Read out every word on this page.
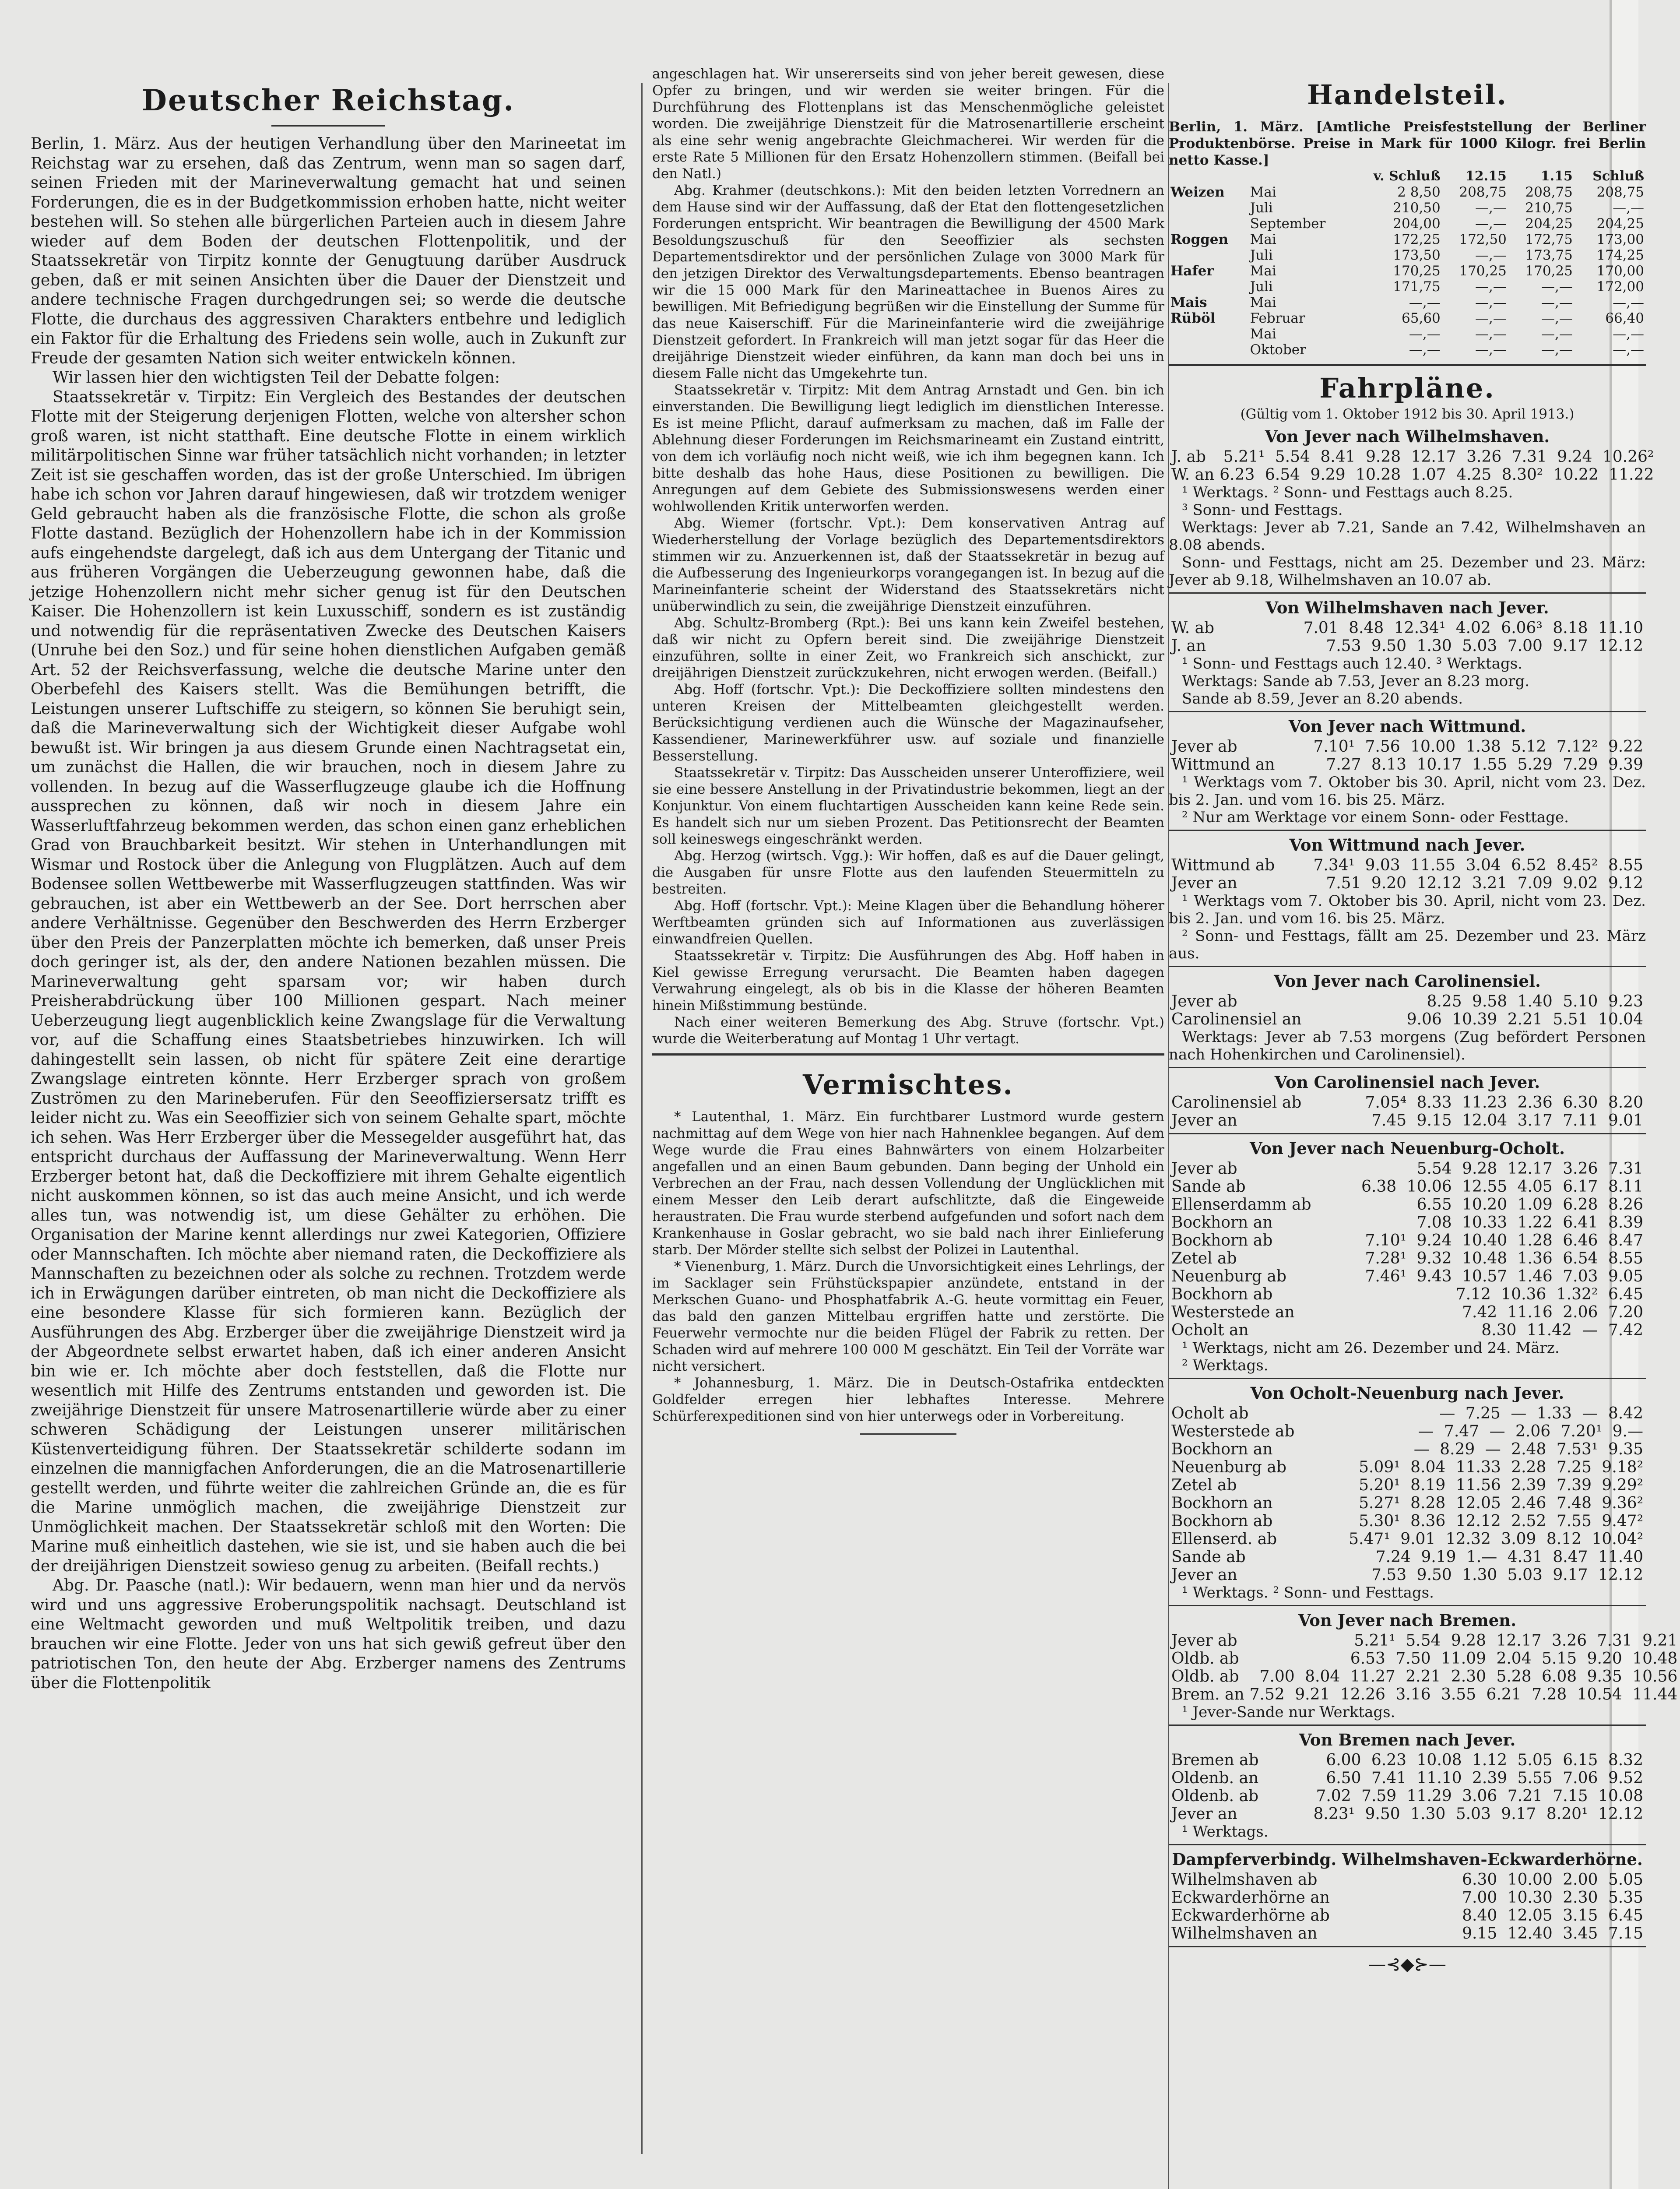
Deutscher Reichstag.

Berlin, 1. März. Aus der heutigen Verhandlung über den Marineetat im Reichstag war zu ersehen, daß das Zentrum, wenn man so sagen darf, seinen Frieden mit der Marineverwaltung gemacht hat und seinen Forderungen, die es in der Budgetkommission erhoben hatte, nicht weiter bestehen will. So stehen alle bürgerlichen Parteien auch in diesem Jahre wieder auf dem Boden der deutschen Flottenpolitik, und der Staatssekretär von Tirpitz konnte der Genugtuung darüber Ausdruck geben, daß er mit seinen Ansichten über die Dauer der Dienstzeit und andere technische Fragen durchgedrungen sei; so werde die deutsche Flotte, die durchaus des aggressiven Charakters entbehre und lediglich ein Faktor für die Erhaltung des Friedens sein wolle, auch in Zukunft zur Freude der gesamten Nation sich weiter entwickeln können.

Wir lassen hier den wichtigsten Teil der Debatte folgen:

Staatssekretär v. Tirpitz: Ein Vergleich des Bestandes der deutschen Flotte mit der Steigerung derjenigen Flotten, welche von altersher schon groß waren, ist nicht statthaft. Eine deutsche Flotte in einem wirklich militärpolitischen Sinne war früher tatsächlich nicht vorhanden; in letzter Zeit ist sie geschaffen worden, das ist der große Unterschied. Im übrigen habe ich schon vor Jahren darauf hingewiesen, daß wir trotzdem weniger Geld gebraucht haben als die französische Flotte, die schon als große Flotte dastand. Bezüglich der Hohenzollern habe ich in der Kommission aufs eingehendste dargelegt, daß ich aus dem Untergang der Titanic und aus früheren Vorgängen die Ueberzeugung gewonnen habe, daß die jetzige Hohenzollern nicht mehr sicher genug ist für den Deutschen Kaiser. Die Hohenzollern ist kein Luxusschiff, sondern es ist zuständig und notwendig für die repräsentativen Zwecke des Deutschen Kaisers (Unruhe bei den Soz.) und für seine hohen dienstlichen Aufgaben gemäß Art. 52 der Reichsverfassung, welche die deutsche Marine unter den Oberbefehl des Kaisers stellt. Was die Bemühungen betrifft, die Leistungen unserer Luftschiffe zu steigern, so können Sie beruhigt sein, daß die Marineverwaltung sich der Wichtigkeit dieser Aufgabe wohl bewußt ist. Wir bringen ja aus diesem Grunde einen Nachtragsetat ein, um zunächst die Hallen, die wir brauchen, noch in diesem Jahre zu vollenden. In bezug auf die Wasserflugzeuge glaube ich die Hoffnung aussprechen zu können, daß wir noch in diesem Jahre ein Wasserluftfahrzeug bekommen werden, das schon einen ganz erheblichen Grad von Brauchbarkeit besitzt. Wir stehen in Unterhandlungen mit Wismar und Rostock über die Anlegung von Flugplätzen. Auch auf dem Bodensee sollen Wettbewerbe mit Wasserflugzeugen stattfinden. Was wir gebrauchen, ist aber ein Wettbewerb an der See. Dort herrschen aber andere Verhältnisse. Gegenüber den Beschwerden des Herrn Erzberger über den Preis der Panzerplatten möchte ich bemerken, daß unser Preis doch geringer ist, als der, den andere Nationen bezahlen müssen. Die Marineverwaltung geht sparsam vor; wir haben durch Preisherabdrückung über 100 Millionen gespart. Nach meiner Ueberzeugung liegt augenblicklich keine Zwangslage für die Verwaltung vor, auf die Schaffung eines Staatsbetriebes hinzuwirken. Ich will dahingestellt sein lassen, ob nicht für spätere Zeit eine derartige Zwangslage eintreten könnte. Herr Erzberger sprach von großem Zuströmen zu den Marineberufen. Für den Seeoffiziersersatz trifft es leider nicht zu. Was ein Seeoffizier sich von seinem Gehalte spart, möchte ich sehen. Was Herr Erzberger über die Messegelder ausgeführt hat, das entspricht durchaus der Auffassung der Marineverwaltung. Wenn Herr Erzberger betont hat, daß die Deckoffiziere mit ihrem Gehalte eigentlich nicht auskommen können, so ist das auch meine Ansicht, und ich werde alles tun, was notwendig ist, um diese Gehälter zu erhöhen. Die Organisation der Marine kennt allerdings nur zwei Kategorien, Offiziere oder Mannschaften. Ich möchte aber niemand raten, die Deckoffiziere als Mannschaften zu bezeichnen oder als solche zu rechnen. Trotzdem werde ich in Erwägungen darüber eintreten, ob man nicht die Deckoffiziere als eine besondere Klasse für sich formieren kann. Bezüglich der Ausführungen des Abg. Erzberger über die zweijährige Dienstzeit wird ja der Abgeordnete selbst erwartet haben, daß ich einer anderen Ansicht bin wie er. Ich möchte aber doch feststellen, daß die Flotte nur wesentlich mit Hilfe des Zentrums entstanden und geworden ist. Die zweijährige Dienstzeit für unsere Matrosenartillerie würde aber zu einer schweren Schädigung der Leistungen unserer militärischen Küstenverteidigung führen. Der Staatssekretär schilderte sodann im einzelnen die mannigfachen Anforderungen, die an die Matrosenartillerie gestellt werden, und führte weiter die zahlreichen Gründe an, die es für die Marine unmöglich machen, die zweijährige Dienstzeit zur Unmöglichkeit machen. Der Staatssekretär schloß mit den Worten: Die Marine muß einheitlich dastehen, wie sie ist, und sie haben auch die bei der dreijährigen Dienstzeit sowieso genug zu arbeiten. (Beifall rechts.)

Abg. Dr. Paasche (natl.): Wir bedauern, wenn man hier und da nervös wird und uns aggressive Eroberungspolitik nachsagt. Deutschland ist eine Weltmacht geworden und muß Weltpolitik treiben, und dazu brauchen wir eine Flotte. Jeder von uns hat sich gewiß gefreut über den patriotischen Ton, den heute der Abg. Erzberger namens des Zentrums über die Flottenpolitik

angeschlagen hat. Wir unsererseits sind von jeher bereit gewesen, diese Opfer zu bringen, und wir werden sie weiter bringen. Für die Durchführung des Flottenplans ist das Menschenmögliche geleistet worden. Die zweijährige Dienstzeit für die Matrosenartillerie erscheint als eine sehr wenig angebrachte Gleichmacherei. Wir werden für die erste Rate 5 Millionen für den Ersatz Hohenzollern stimmen. (Beifall bei den Natl.)

Abg. Krahmer (deutschkons.): Mit den beiden letzten Vorrednern an dem Hause sind wir der Auffassung, daß der Etat den flottengesetzlichen Forderungen entspricht. Wir beantragen die Bewilligung der 4500 Mark Besoldungszuschuß für den Seeoffizier als sechsten Departementsdirektor und der persönlichen Zulage von 3000 Mark für den jetzigen Direktor des Verwaltungsdepartements. Ebenso beantragen wir die 15 000 Mark für den Marineattachee in Buenos Aires zu bewilligen. Mit Befriedigung begrüßen wir die Einstellung der Summe für das neue Kaiserschiff. Für die Marineinfanterie wird die zweijährige Dienstzeit gefordert. In Frankreich will man jetzt sogar für das Heer die dreijährige Dienstzeit wieder einführen, da kann man doch bei uns in diesem Falle nicht das Umgekehrte tun.

Staatssekretär v. Tirpitz: Mit dem Antrag Arnstadt und Gen. bin ich einverstanden. Die Bewilligung liegt lediglich im dienstlichen Interesse. Es ist meine Pflicht, darauf aufmerksam zu machen, daß im Falle der Ablehnung dieser Forderungen im Reichsmarineamt ein Zustand eintritt, von dem ich vorläufig noch nicht weiß, wie ich ihm begegnen kann. Ich bitte deshalb das hohe Haus, diese Positionen zu bewilligen. Die Anregungen auf dem Gebiete des Submissionswesens werden einer wohlwollenden Kritik unterworfen werden.

Abg. Wiemer (fortschr. Vpt.): Dem konservativen Antrag auf Wiederherstellung der Vorlage bezüglich des Departementsdirektors stimmen wir zu. Anzuerkennen ist, daß der Staatssekretär in bezug auf die Aufbesserung des Ingenieurkorps vorangegangen ist. In bezug auf die Marineinfanterie scheint der Widerstand des Staatssekretärs nicht unüberwindlich zu sein, die zweijährige Dienstzeit einzuführen.

Abg. Schultz-Bromberg (Rpt.): Bei uns kann kein Zweifel bestehen, daß wir nicht zu Opfern bereit sind. Die zweijährige Dienstzeit einzuführen, sollte in einer Zeit, wo Frankreich sich anschickt, zur dreijährigen Dienstzeit zurückzukehren, nicht erwogen werden. (Beifall.)

Abg. Hoff (fortschr. Vpt.): Die Deckoffiziere sollten mindestens den unteren Kreisen der Mittelbeamten gleichgestellt werden. Berücksichtigung verdienen auch die Wünsche der Magazinaufseher, Kassendiener, Marinewerkführer usw. auf soziale und finanzielle Besserstellung.

Staatssekretär v. Tirpitz: Das Ausscheiden unserer Unteroffiziere, weil sie eine bessere Anstellung in der Privatindustrie bekommen, liegt an der Konjunktur. Von einem fluchtartigen Ausscheiden kann keine Rede sein. Es handelt sich nur um sieben Prozent. Das Petitionsrecht der Beamten soll keineswegs eingeschränkt werden.

Abg. Herzog (wirtsch. Vgg.): Wir hoffen, daß es auf die Dauer gelingt, die Ausgaben für unsre Flotte aus den laufenden Steuermitteln zu bestreiten.

Abg. Hoff (fortschr. Vpt.): Meine Klagen über die Behandlung höherer Werftbeamten gründen sich auf Informationen aus zuverlässigen einwandfreien Quellen.

Staatssekretär v. Tirpitz: Die Ausführungen des Abg. Hoff haben in Kiel gewisse Erregung verursacht. Die Beamten haben dagegen Verwahrung eingelegt, als ob bis in die Klasse der höheren Beamten hinein Mißstimmung bestünde.

Nach einer weiteren Bemerkung des Abg. Struve (fortschr. Vpt.) wurde die Weiterberatung auf Montag 1 Uhr vertagt.

Vermischtes.

* Lautenthal, 1. März. Ein furchtbarer Lustmord wurde gestern nachmittag auf dem Wege von hier nach Hahnenklee begangen. Auf dem Wege wurde die Frau eines Bahnwärters von einem Holzarbeiter angefallen und an einen Baum gebunden. Dann beging der Unhold ein Verbrechen an der Frau, nach dessen Vollendung der Unglücklichen mit einem Messer den Leib derart aufschlitzte, daß die Eingeweide heraustraten. Die Frau wurde sterbend aufgefunden und sofort nach dem Krankenhause in Goslar gebracht, wo sie bald nach ihrer Einlieferung starb. Der Mörder stellte sich selbst der Polizei in Lautenthal.

* Vienenburg, 1. März. Durch die Unvorsichtigkeit eines Lehrlings, der im Sacklager sein Frühstückspapier anzündete, entstand in der Merkschen Guano- und Phosphatfabrik A.-G. heute vormittag ein Feuer, das bald den ganzen Mittelbau ergriffen hatte und zerstörte. Die Feuerwehr vermochte nur die beiden Flügel der Fabrik zu retten. Der Schaden wird auf mehrere 100 000 M geschätzt. Ein Teil der Vorräte war nicht versichert.

* Johannesburg, 1. März. Die in Deutsch-Ostafrika entdeckten Goldfelder erregen hier lebhaftes Interesse. Mehrere Schürferexpeditionen sind von hier unterwegs oder in Vorbereitung.

Handelsteil.

Berlin, 1. März. [Amtliche Preisfeststellung der Berliner Produktenbörse. Preise in Mark für 1000 Kilogr. frei Berlin netto Kasse.]

		v. Schluß	12.15	1.15	Schluß
Weizen	Mai	2 8,50	208,75	208,75	208,75
	Juli	210,50	—,—	210,75	—,—
	September	204,00	—,—	204,25	204,25
Roggen	Mai	172,25	172,50	172,75	173,00
	Juli	173,50	—,—	173,75	174,25
Hafer	Mai	170,25	170,25	170,25	170,00
	Juli	171,75	—,—	—,—	172,00
Mais	Mai	—,—	—,—	—,—	—,—
Rüböl	Februar	65,60	—,—	—,—	66,40
	Mai	—,—	—,—	—,—	—,—
	Oktober	—,—	—,—	—,—	—,—
Fahrpläne.

(Gültig vom 1. Oktober 1912 bis 30. April 1913.)

Von Jever nach Wilhelmshaven.
J. ab	5.21¹ 5.54 8.41 9.28 12.17 3.26 7.31 9.24 10.26²
W. an	6.23 6.54 9.29 10.28 1.07 4.25 8.30² 10.22 11.22

¹ Werktags. ² Sonn- und Festtags auch 8.25.

³ Sonn- und Festtags.

Werktags: Jever ab 7.21, Sande an 7.42, Wilhelmshaven an 8.08 abends.

Sonn- und Festtags, nicht am 25. Dezember und 23. März: Jever ab 9.18, Wilhelmshaven an 10.07 ab.

Von Wilhelmshaven nach Jever.
W. ab	7.01 8.48 12.34¹ 4.02 6.06³ 8.18 11.10
J. an	7.53 9.50 1.30 5.03 7.00 9.17 12.12

¹ Sonn- und Festtags auch 12.40. ³ Werktags.

Werktags: Sande ab 7.53, Jever an 8.23 morg.

Sande ab 8.59, Jever an 8.20 abends.

Von Jever nach Wittmund.
Jever ab	7.10¹ 7.56 10.00 1.38 5.12 7.12² 9.22
Wittmund an	7.27 8.13 10.17 1.55 5.29 7.29 9.39

¹ Werktags vom 7. Oktober bis 30. April, nicht vom 23. Dez. bis 2. Jan. und vom 16. bis 25. März.

² Nur am Werktage vor einem Sonn- oder Festtage.

Von Wittmund nach Jever.
Wittmund ab	7.34¹ 9.03 11.55 3.04 6.52 8.45² 8.55
Jever an	7.51 9.20 12.12 3.21 7.09 9.02 9.12

¹ Werktags vom 7. Oktober bis 30. April, nicht vom 23. Dez. bis 2. Jan. und vom 16. bis 25. März.

² Sonn- und Festtags, fällt am 25. Dezember und 23. März aus.

Von Jever nach Carolinensiel.
Jever ab	8.25 9.58 1.40 5.10 9.23
Carolinensiel an	9.06 10.39 2.21 5.51 10.04

Werktags: Jever ab 7.53 morgens (Zug befördert Personen nach Hohenkirchen und Carolinensiel).

Von Carolinensiel nach Jever.
Carolinensiel ab	7.05⁴ 8.33 11.23 2.36 6.30 8.20
Jever an	7.45 9.15 12.04 3.17 7.11 9.01
Von Jever nach Neuenburg-Ocholt.
Jever ab	5.54 9.28 12.17 3.26 7.31
Sande ab	6.38 10.06 12.55 4.05 6.17 8.11
Ellenserdamm ab	6.55 10.20 1.09 6.28 8.26
Bockhorn an	7.08 10.33 1.22 6.41 8.39
Bockhorn ab	7.10¹ 9.24 10.40 1.28 6.46 8.47
Zetel ab	7.28¹ 9.32 10.48 1.36 6.54 8.55
Neuenburg ab	7.46¹ 9.43 10.57 1.46 7.03 9.05
Bockhorn ab	7.12 10.36 1.32² 6.45
Westerstede an	7.42 11.16 2.06 7.20
Ocholt an	8.30 11.42 — 7.42

¹ Werktags, nicht am 26. Dezember und 24. März.

² Werktags.

Von Ocholt-Neuenburg nach Jever.
Ocholt ab	— 7.25 — 1.33 — 8.42
Westerstede ab	— 7.47 — 2.06 7.20¹ 9.—
Bockhorn an	— 8.29 — 2.48 7.53¹ 9.35
Neuenburg ab	5.09¹ 8.04 11.33 2.28 7.25 9.18²
Zetel ab	5.20¹ 8.19 11.56 2.39 7.39 9.29²
Bockhorn an	5.27¹ 8.28 12.05 2.46 7.48 9.36²
Bockhorn ab	5.30¹ 8.36 12.12 2.52 7.55 9.47²
Ellenserd. ab	5.47¹ 9.01 12.32 3.09 8.12 10.04²
Sande ab	7.24 9.19 1.— 4.31 8.47 11.40
Jever an	7.53 9.50 1.30 5.03 9.17 12.12

¹ Werktags. ² Sonn- und Festtags.

Von Jever nach Bremen.
Jever ab	5.21¹ 5.54 9.28 12.17 3.26 7.31 9.21
Oldb. ab	6.53 7.50 11.09 2.04 5.15 9.20 10.48
Oldb. ab	7.00 8.04 11.27 2.21 2.30 5.28 6.08 9.35 10.56
Brem. an	7.52 9.21 12.26 3.16 3.55 6.21 7.28 10.54 11.44

¹ Jever-Sande nur Werktags.

Von Bremen nach Jever.
Bremen ab	6.00 6.23 10.08 1.12 5.05 6.15 8.32
Oldenb. an	6.50 7.41 11.10 2.39 5.55 7.06 9.52
Oldenb. ab	7.02 7.59 11.29 3.06 7.21 7.15 10.08
Jever an	8.23¹ 9.50 1.30 5.03 9.17 8.20¹ 12.12

¹ Werktags.

Dampferverbindg. Wilhelmshaven-Eckwarderhörne.
Wilhelmshaven ab	6.30 10.00 2.00 5.05
Eckwarderhörne an	7.00 10.30 2.30 5.35
Eckwarderhörne ab	8.40 12.05 3.15 6.45
Wilhelmshaven an	9.15 12.40 3.45 7.15
—⊰◆⊱—
